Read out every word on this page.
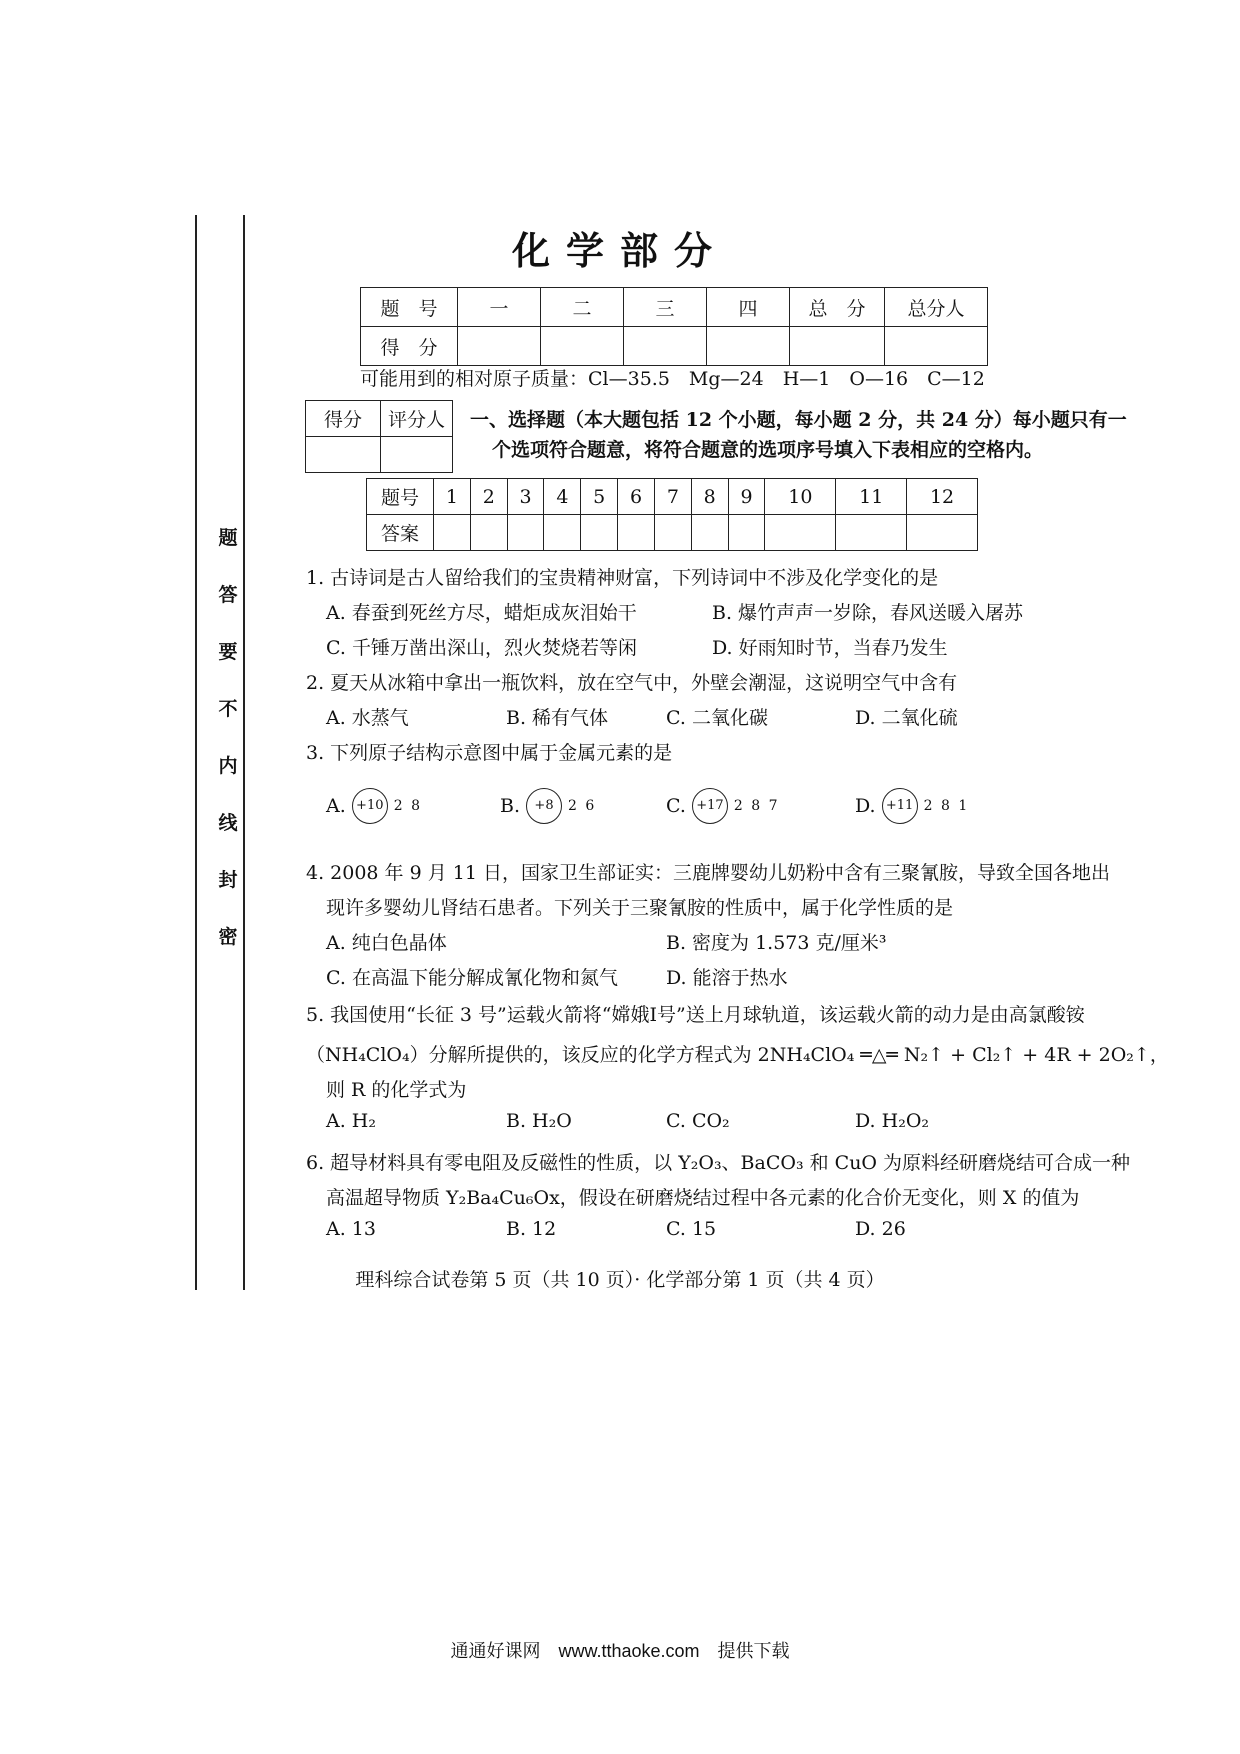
题
答
要
不
内
线
封
密
化学部分
题　号	一	二	三	四	总　分	总分人
得　分						
可能用到的相对原子质量：Cl—35.5　Mg—24　H—1　O—16　C—12
得分	评分人
	一、选择题（本大题包括 12 个小题，每小题 2 分，共 24 分）每小题只有一
个选项符合题意，将符合题意的选项序号填入下表相应的空格内。
题号	1	2	3	4	5	6	7	8	9	10	11	12
答案												
1. 古诗词是古人留给我们的宝贵精神财富，下列诗词中不涉及化学变化的是
A. 春蚕到死丝方尽，蜡炬成灰泪始干	B. 爆竹声声一岁除，春风送暖入屠苏
C. 千锤万凿出深山，烈火焚烧若等闲	D. 好雨知时节，当春乃发生
2. 夏天从冰箱中拿出一瓶饮料，放在空气中，外壁会潮湿，这说明空气中含有
A. 水蒸气	B. 稀有气体	C. 二氧化碳	D. 二氧化硫
3. 下列原子结构示意图中属于金属元素的是
A. +10 2 8	B.	+8	2 6	C. +17 2 8 7	D. +11 2 8 1
4. 2008 年 9 月 11 日，国家卫生部证实：三鹿牌婴幼儿奶粉中含有三聚氰胺，导致全国各地出
现许多婴幼儿肾结石患者。下列关于三聚氰胺的性质中，属于化学性质的是
A. 纯白色晶体	B. 密度为 1.573 克/厘米³
C. 在高温下能分解成氰化物和氮气	D. 能溶于热水
5. 我国使用“长征 3 号”运载火箭将“嫦娥Ⅰ号”送上月球轨道，该运载火箭的动力是由高氯酸铵
（NH₄ClO₄）分解所提供的，该反应的化学方程式为 2NH₄ClO₄ ═△═ N₂↑ + Cl₂↑ + 4R + 2O₂↑，
则 R 的化学式为
A. H₂	B. H₂O	C. CO₂	D. H₂O₂
6. 超导材料具有零电阻及反磁性的性质，以 Y₂O₃、BaCO₃ 和 CuO 为原料经研磨烧结可合成一种
高温超导物质 Y₂Ba₄Cu₆Ox，假设在研磨烧结过程中各元素的化合价无变化，则 X 的值为
A. 13	B. 12	C. 15	D. 26
理科综合试卷第 5 页（共 10 页）· 化学部分第 1 页（共 4 页）
通通好课网　www.tthaoke.com　提供下载
